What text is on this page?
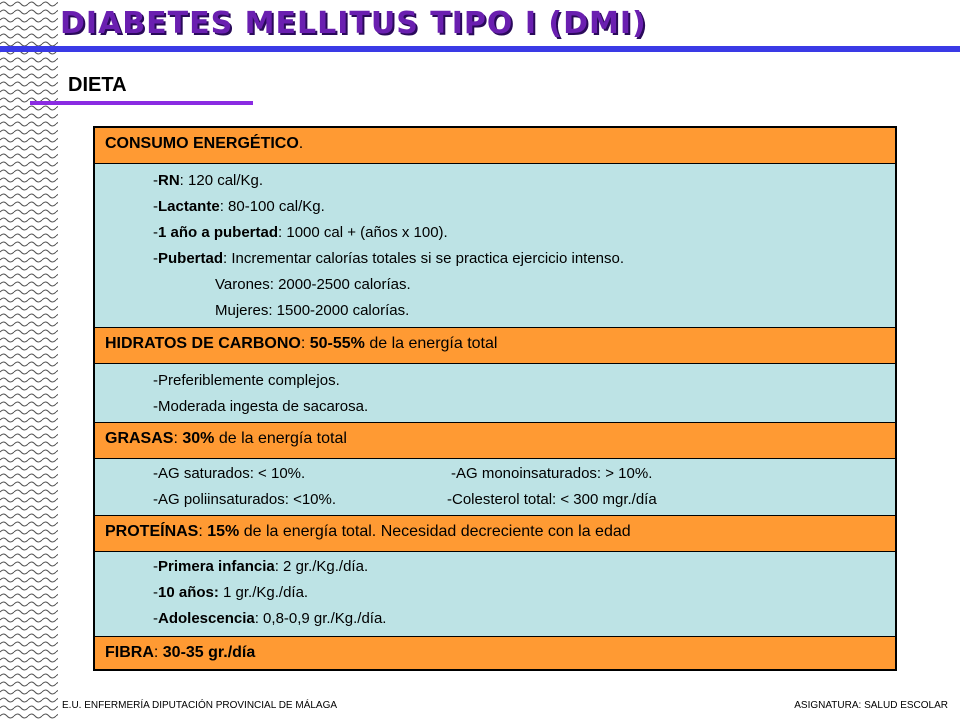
DIABETES MELLITUS TIPO I (DMI)
DIETA
CONSUMO ENERGÉTICO.
-RN: 120 cal/Kg.
-Lactante: 80-100 cal/Kg.
-1 año a pubertad: 1000 cal + (años x 100).
-Pubertad: Incrementar calorías totales si se practica ejercicio intenso.
Varones: 2000-2500 calorías.
Mujeres: 1500-2000 calorías.
HIDRATOS DE CARBONO: 50-55% de la energía total
-Preferiblemente complejos.
-Moderada ingesta de sacarosa.
GRASAS: 30% de la energía total
-AG saturados: < 10%.
-AG poliinsaturados: <10%.
-AG monoinsaturados: > 10%.
-Colesterol total: < 300 mgr./día
PROTEÍNAS: 15% de la energía total. Necesidad decreciente con la edad
-Primera infancia: 2 gr./Kg./día.
-10 años: 1 gr./Kg./día.
-Adolescencia: 0,8-0,9 gr./Kg./día.
FIBRA: 30-35 gr./día
E.U. ENFERMERÍA DIPUTACIÓN PROVINCIAL DE MÁLAGA	ASIGNATURA: SALUD ESCOLAR
